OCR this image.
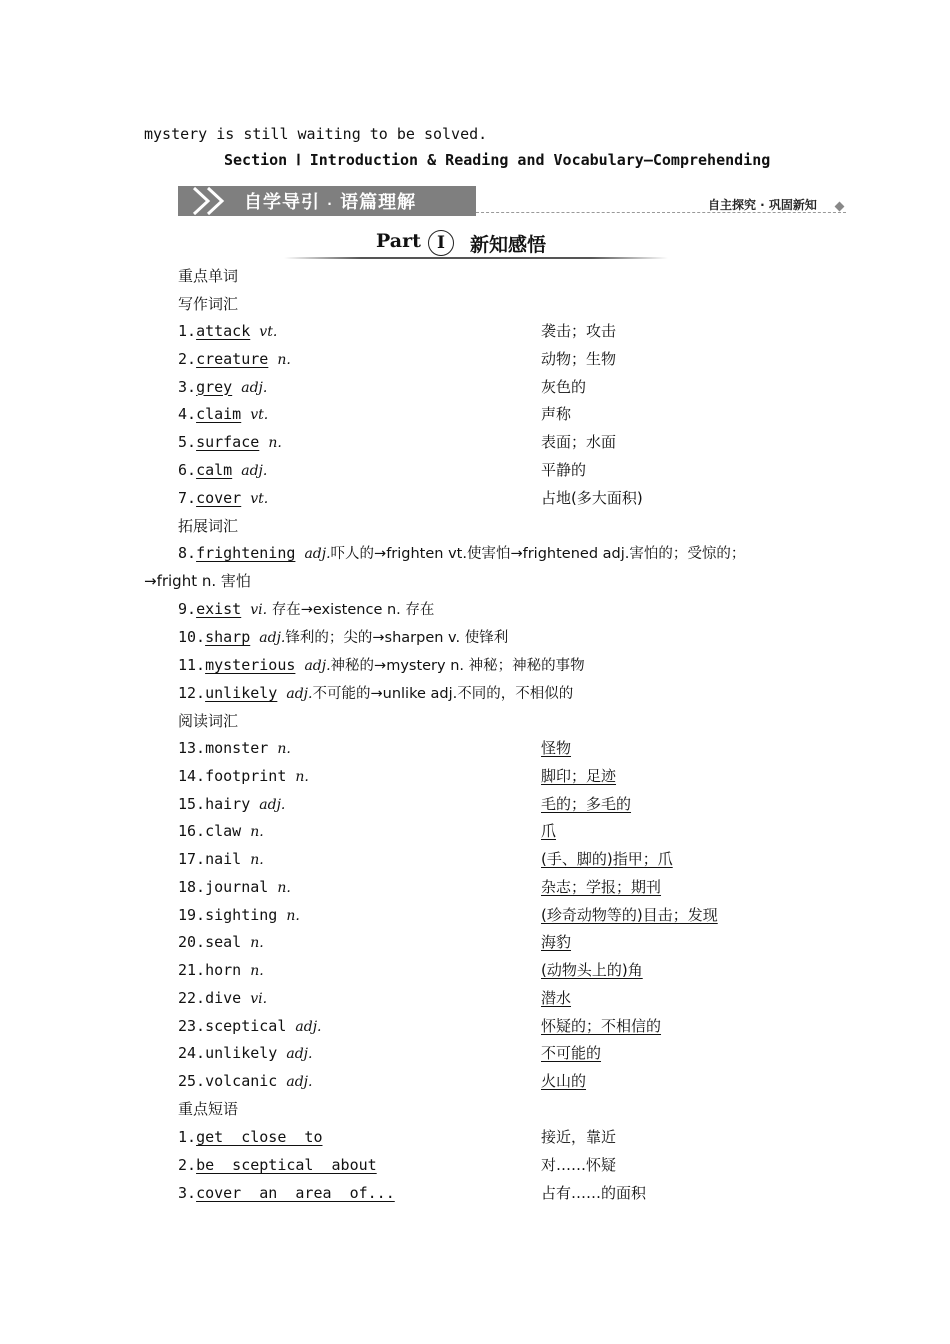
mystery is still waiting to be solved.
Section Ⅰ Introduction & Reading and Vocabulary—Comprehending
自学导引 · 语篇理解	自主探究 · 巩固新知
Part Ⅰ	新知感悟
重点单词
写作词汇
1.attack vt.	袭击；攻击
2.creature n.	动物；生物
3.grey adj.	灰色的
4.claim vt.	声称
5.surface n.	表面；水面
6.calm adj.	平静的
7.cover vt.	占地(多大面积)
拓展词汇
8.frightening adj.吓人的→frighten vt.使害怕→frightened adj.害怕的；受惊的；
→fright n. 害怕
9.exist vi. 存在→existence n. 存在
10.sharp adj.锋利的；尖的→sharpen v. 使锋利
11.mysterious adj.神秘的→mystery n. 神秘；神秘的事物
12.unlikely adj.不可能的→unlike adj.不同的，不相似的
阅读词汇
13.monster n.	怪物
14.footprint n.	脚印；足迹
15.hairy adj.	毛的；多毛的
16.claw n.	爪
17.nail n.	(手、脚的)指甲；爪
18.journal n.	杂志；学报；期刊
19.sighting n.	(珍奇动物等的)目击；发现
20.seal n.	海豹
21.horn n.	(动物头上的)角
22.dive vi.	潜水
23.sceptical adj.	怀疑的；不相信的
24.unlikely adj.	不可能的
25.volcanic adj.	火山的
重点短语
1.get  close  to	接近，靠近
2.be  sceptical  about	对……怀疑
3.cover  an  area  of...	占有……的面积
